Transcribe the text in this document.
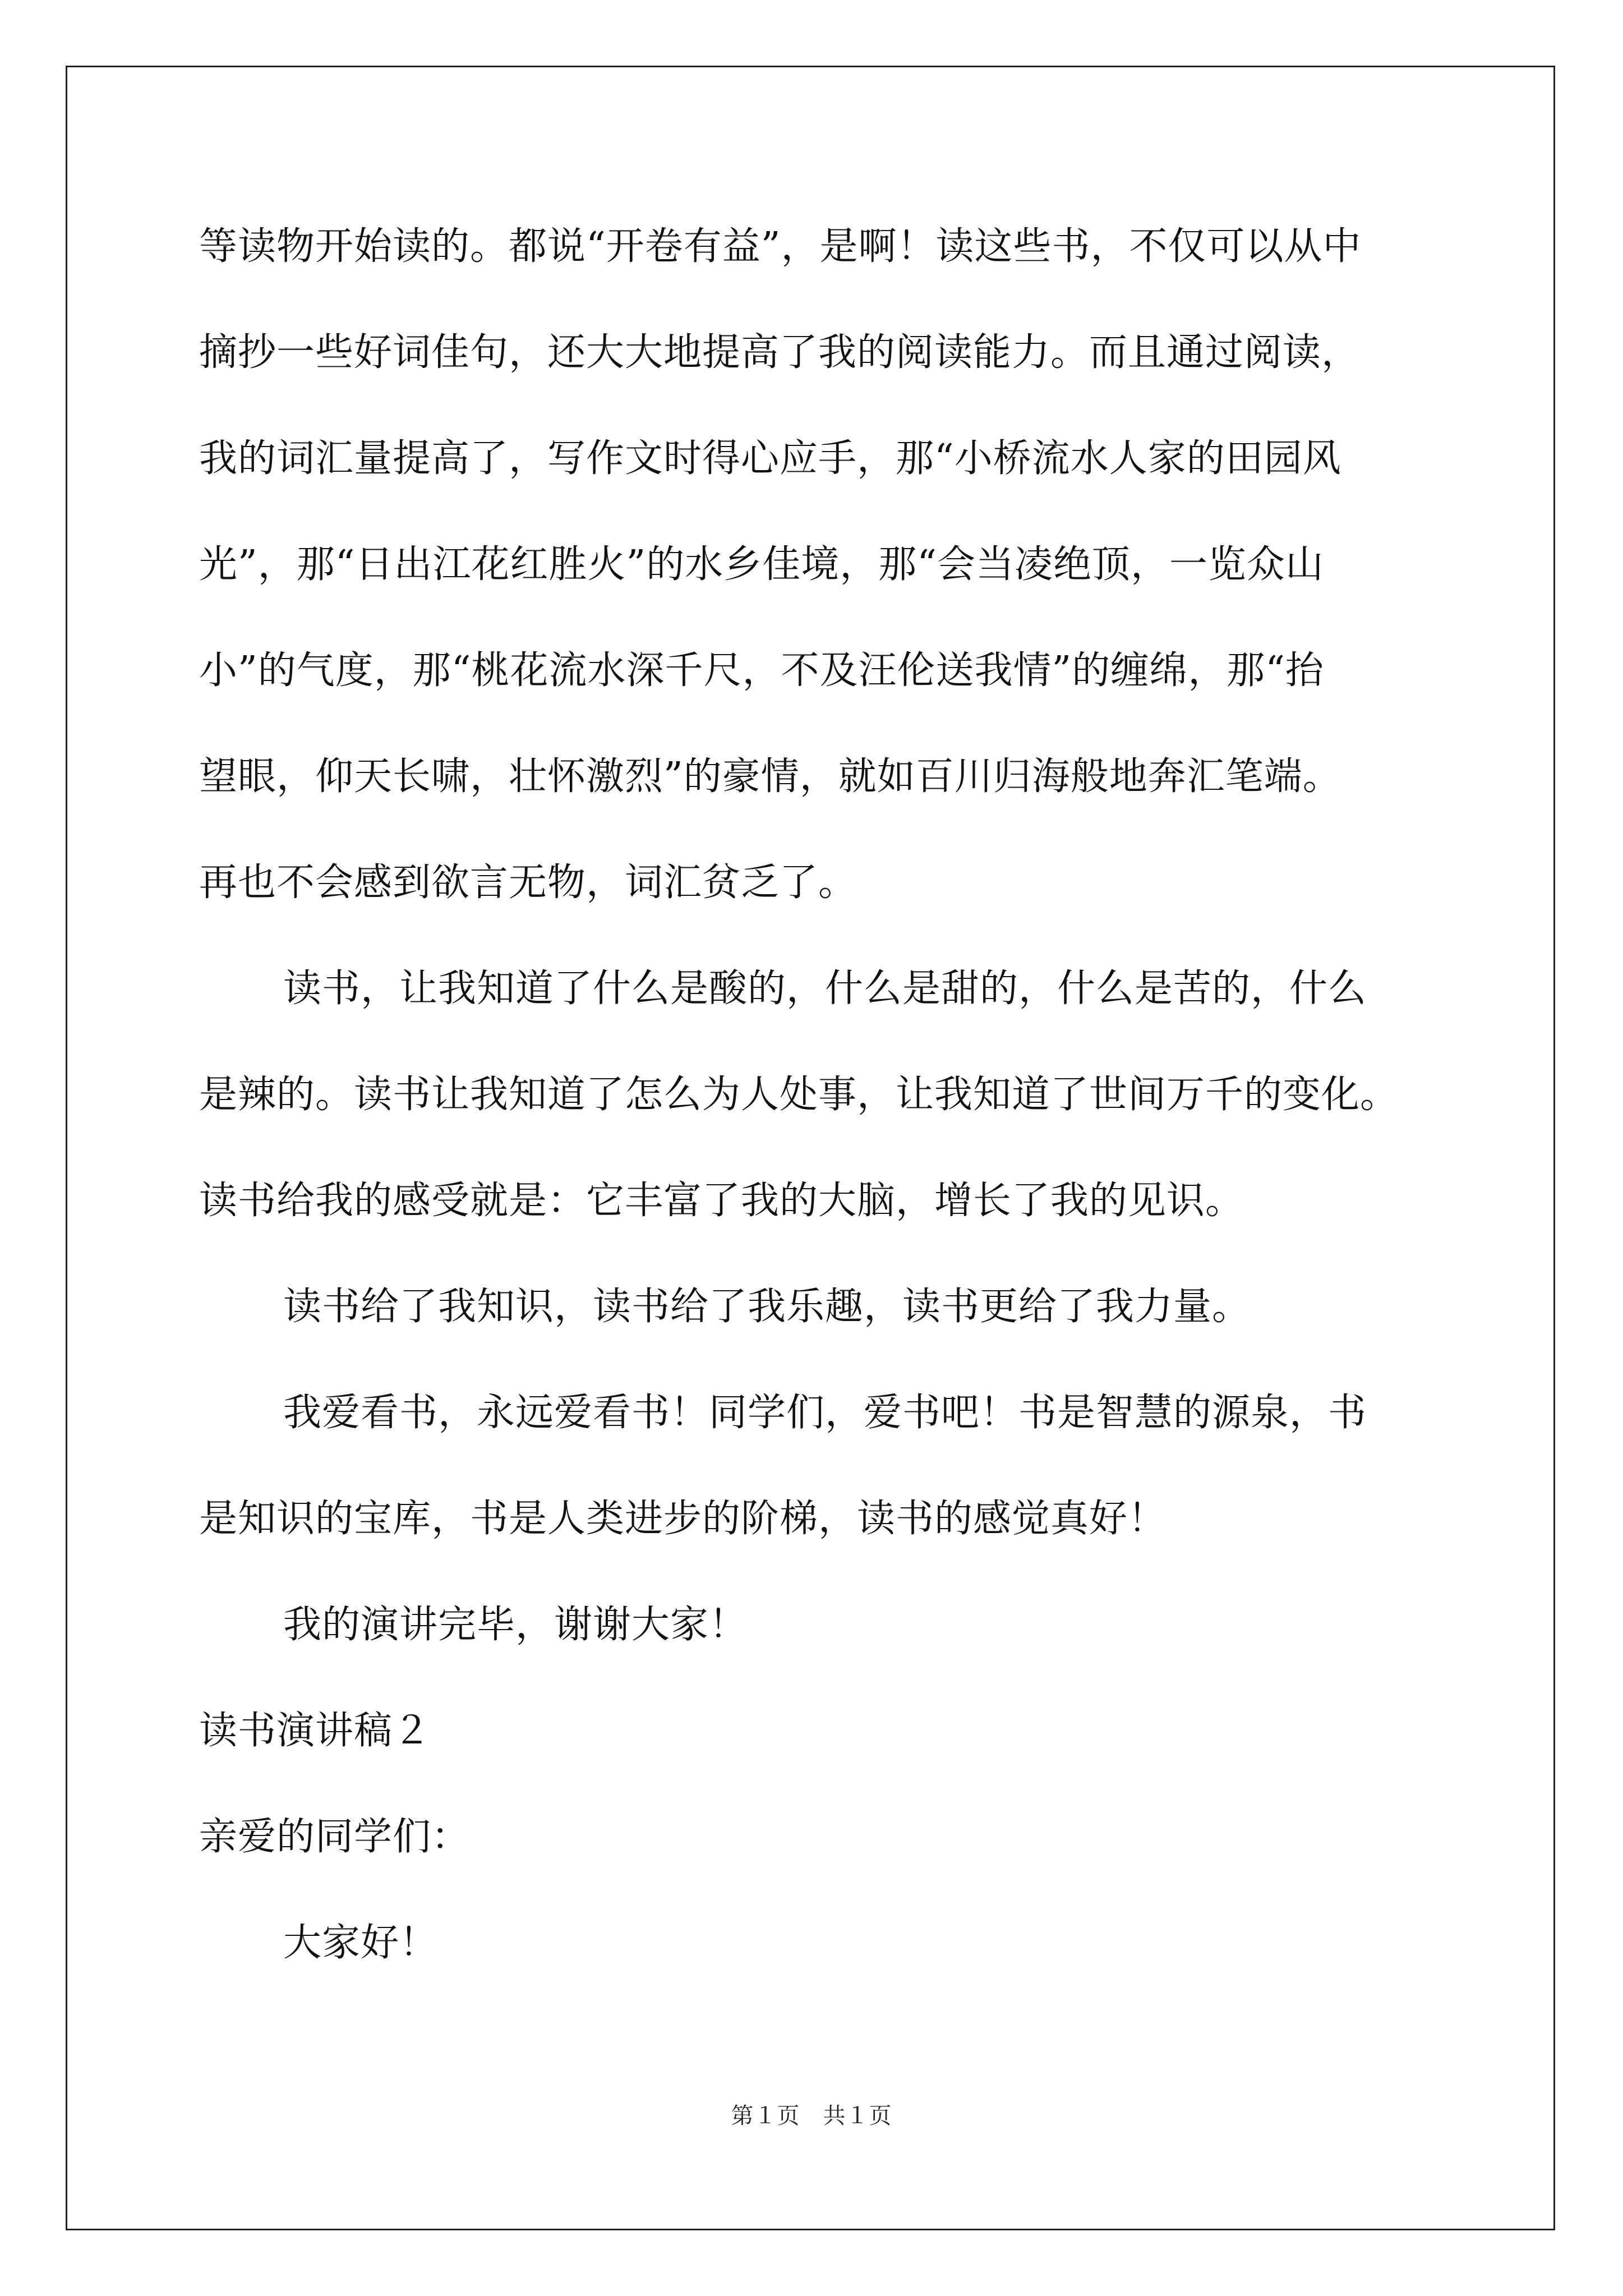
等读物开始读的。都说“开卷有益”，是啊！读这些书，不仅可以从中
摘抄一些好词佳句，还大大地提高了我的阅读能力。而且通过阅读，
我的词汇量提高了，写作文时得心应手，那“小桥流水人家的田园风
光”，那“日出江花红胜火”的水乡佳境，那“会当凌绝顶，一览众山
小”的气度，那“桃花流水深千尺，不及汪伦送我情”的缠绵，那“抬
望眼，仰天长啸，壮怀激烈”的豪情，就如百川归海般地奔汇笔端。
再也不会感到欲言无物，词汇贫乏了。
读书，让我知道了什么是酸的，什么是甜的，什么是苦的，什么
是辣的。读书让我知道了怎么为人处事，让我知道了世间万千的变化。
读书给我的感受就是：它丰富了我的大脑，增长了我的见识。
读书给了我知识，读书给了我乐趣，读书更给了我力量。
我爱看书，永远爱看书！同学们，爱书吧！书是智慧的源泉，书
是知识的宝库，书是人类进步的阶梯，读书的感觉真好！
我的演讲完毕，谢谢大家！
读书演讲稿２
亲爱的同学们：
大家好！
第１页　共１页
